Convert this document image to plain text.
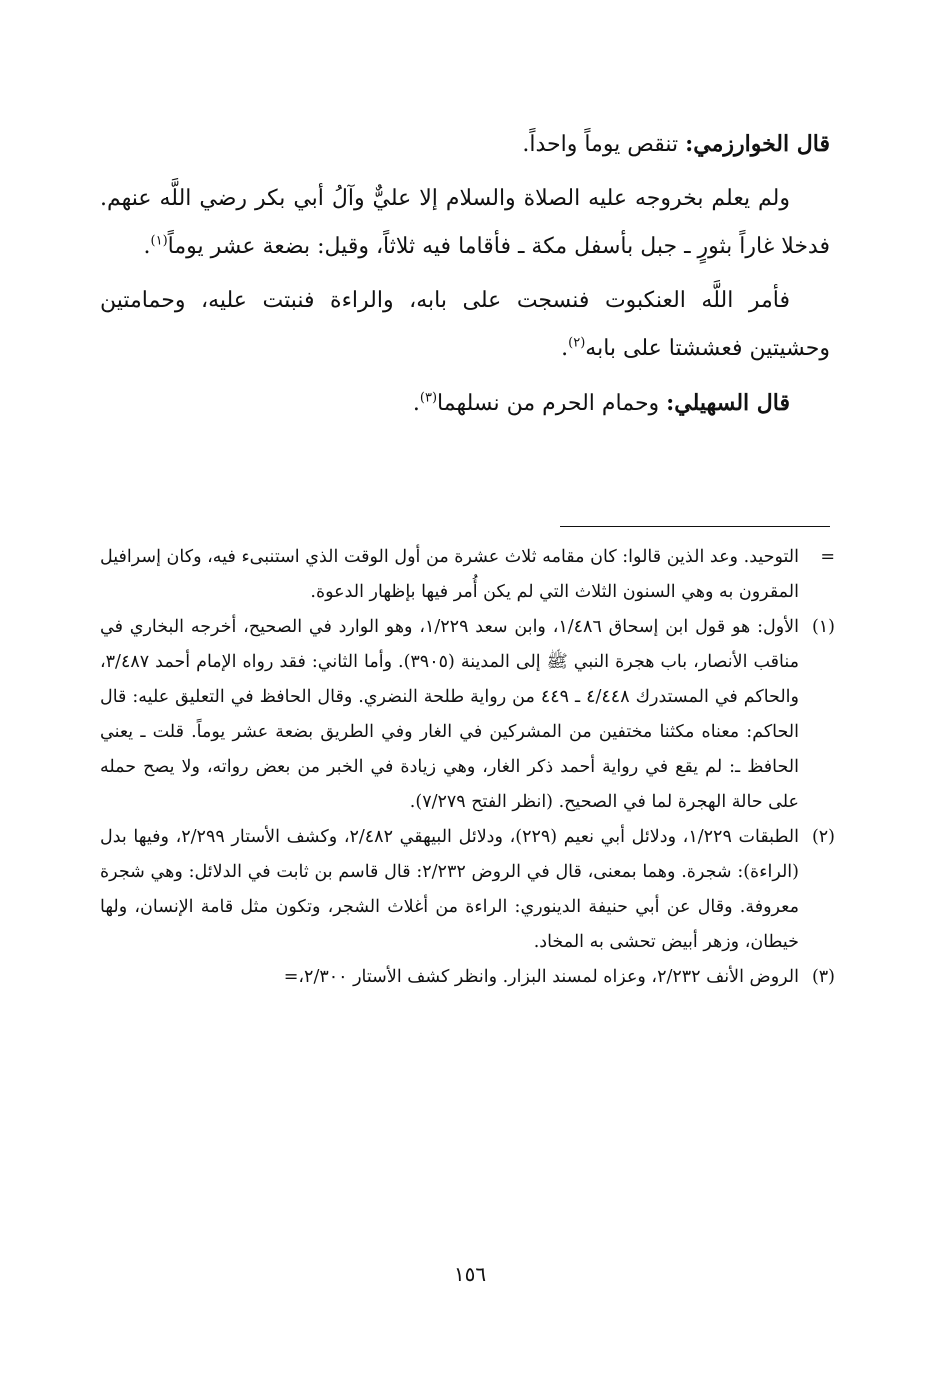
قال الخوارزمي: تنقص يوماً واحداً.

ولم يعلم بخروجه عليه الصلاة والسلام إلا عليٌّ وآلُ أبي بكر رضي اللَّه عنهم. فدخلا غاراً بثورٍ ـ جبل بأسفل مكة ـ فأقاما فيه ثلاثاً، وقيل: بضعة عشر يوماً$^{(١)}$.

فأمر اللَّه العنكبوت فنسجت على بابه، والراءة فنبتت عليه، وحمامتين وحشيتين فعششتا على بابه$^{(٢)}$.

قال السهيلي: وحمام الحرم من نسلهما$^{(٣)}$.

=
التوحيد. وعد الذين قالوا: كان مقامه ثلاث عشرة من أول الوقت الذي استنبىء فيه، وكان إسرافيل المقرون به وهي السنون الثلاث التي لم يكن أُمر فيها بإظهار الدعوة.
(١)
الأول: هو قول ابن إسحاق ١/٤٨٦، وابن سعد ١/٢٢٩، وهو الوارد في الصحيح، أخرجه البخاري في مناقب الأنصار، باب هجرة النبي ﷺ إلى المدينة (٣٩٠٥). وأما الثاني: فقد رواه الإمام أحمد ٣/٤٨٧، والحاكم في المستدرك ٤/٤٤٨ ـ ٤٤٩ من رواية طلحة النضري. وقال الحافظ في التعليق عليه: قال الحاكم: معناه مكثنا مختفين من المشركين في الغار وفي الطريق بضعة عشر يوماً. قلت ـ يعني الحافظ ـ: لم يقع في رواية أحمد ذكر الغار، وهي زيادة في الخبر من بعض رواته، ولا يصح حمله على حالة الهجرة لما في الصحيح. (انظر الفتح ٧/٢٧٩).
(٢)
الطبقات ١/٢٢٩، ودلائل أبي نعيم (٢٢٩)، ودلائل البيهقي ٢/٤٨٢، وكشف الأستار ٢/٢٩٩، وفيها بدل (الراءة): شجرة. وهما بمعنى، قال في الروض ٢/٢٣٢: قال قاسم بن ثابت في الدلائل: وهي شجرة معروفة. وقال عن أبي حنيفة الدينوري: الراءة من أغلاث الشجر، وتكون مثل قامة الإنسان، ولها خيطان، وزهر أبيض تحشى به المخاد.
(٣)
الروض الأنف ٢/٢٣٢، وعزاه لمسند البزار. وانظر كشف الأستار ٢/٣٠٠،=
١٥٦
